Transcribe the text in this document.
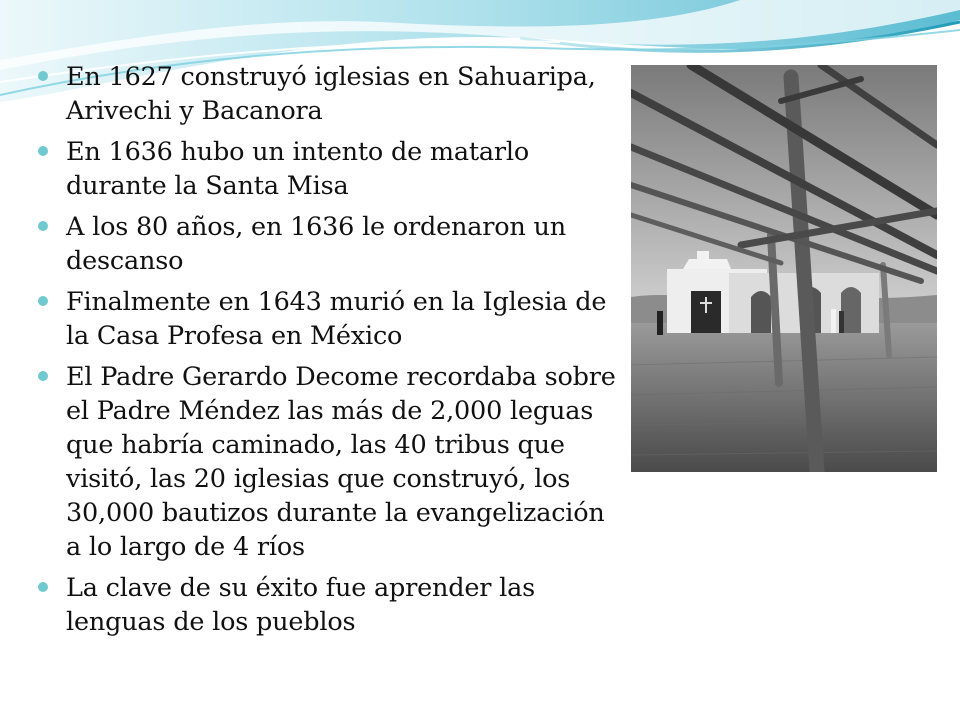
En 1627 construyó iglesias en Sahuaripa, Arivechi y Bacanora
En 1636 hubo un intento de matarlo durante la Santa Misa
A los 80 años, en 1636 le ordenaron un descanso
Finalmente en 1643 murió en la Iglesia de la Casa Profesa en México
El Padre Gerardo Decome recordaba sobre el Padre Méndez las más de 2,000 leguas que habría caminado, las 40 tribus que visitó, las 20 iglesias que construyó, los 30,000 bautizos durante la evangelización a lo largo de 4 ríos
La clave de su éxito fue aprender las lenguas de los pueblos
